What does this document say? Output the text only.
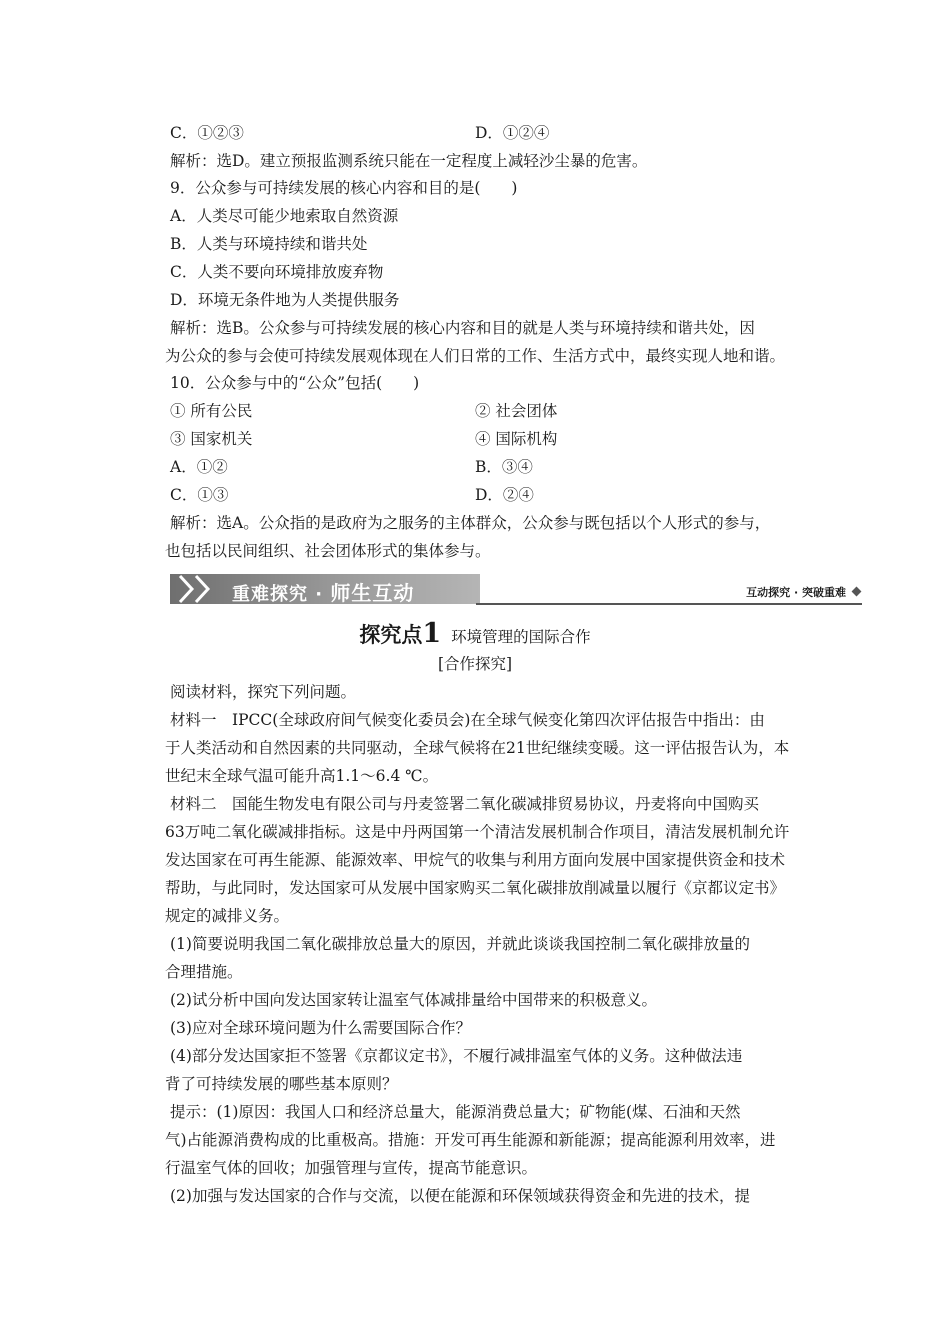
C．①②③	D．①②④
解析：选D。建立预报监测系统只能在一定程度上减轻沙尘暴的危害。
9．公众参与可持续发展的核心内容和目的是(　　)
A．人类尽可能少地索取自然资源
B．人类与环境持续和谐共处
C．人类不要向环境排放废弃物
D．环境无条件地为人类提供服务
解析：选B。公众参与可持续发展的核心内容和目的就是人类与环境持续和谐共处，因
为公众的参与会使可持续发展观体现在人们日常的工作、生活方式中，最终实现人地和谐。
10．公众参与中的“公众”包括(　　)
① 所有公民	② 社会团体
③ 国家机关	④ 国际机构
A．①②	B．③④
C．①③	D．②④
解析：选A。公众指的是政府为之服务的主体群众，公众参与既包括以个人形式的参与，
也包括以民间组织、社会团体形式的集体参与。
重难探究 · 师生互动	互动探究 · 突破重难
探究点1 环境管理的国际合作
[合作探究]
阅读材料，探究下列问题。
材料一　IPCC(全球政府间气候变化委员会)在全球气候变化第四次评估报告中指出：由
于人类活动和自然因素的共同驱动，全球气候将在21世纪继续变暖。这一评估报告认为，本
世纪末全球气温可能升高1.1～6.4 ℃。
材料二　国能生物发电有限公司与丹麦签署二氧化碳减排贸易协议，丹麦将向中国购买
63万吨二氧化碳减排指标。这是中丹两国第一个清洁发展机制合作项目，清洁发展机制允许
发达国家在可再生能源、能源效率、甲烷气的收集与利用方面向发展中国家提供资金和技术
帮助，与此同时，发达国家可从发展中国家购买二氧化碳排放削减量以履行《京都议定书》
规定的减排义务。
(1)简要说明我国二氧化碳排放总量大的原因，并就此谈谈我国控制二氧化碳排放量的
合理措施。
(2)试分析中国向发达国家转让温室气体减排量给中国带来的积极意义。
(3)应对全球环境问题为什么需要国际合作？
(4)部分发达国家拒不签署《京都议定书》，不履行减排温室气体的义务。这种做法违
背了可持续发展的哪些基本原则？
提示：(1)原因：我国人口和经济总量大，能源消费总量大；矿物能(煤、石油和天然
气)占能源消费构成的比重极高。措施：开发可再生能源和新能源；提高能源利用效率，进
行温室气体的回收；加强管理与宣传，提高节能意识。
(2)加强与发达国家的合作与交流，以便在能源和环保领域获得资金和先进的技术，提
